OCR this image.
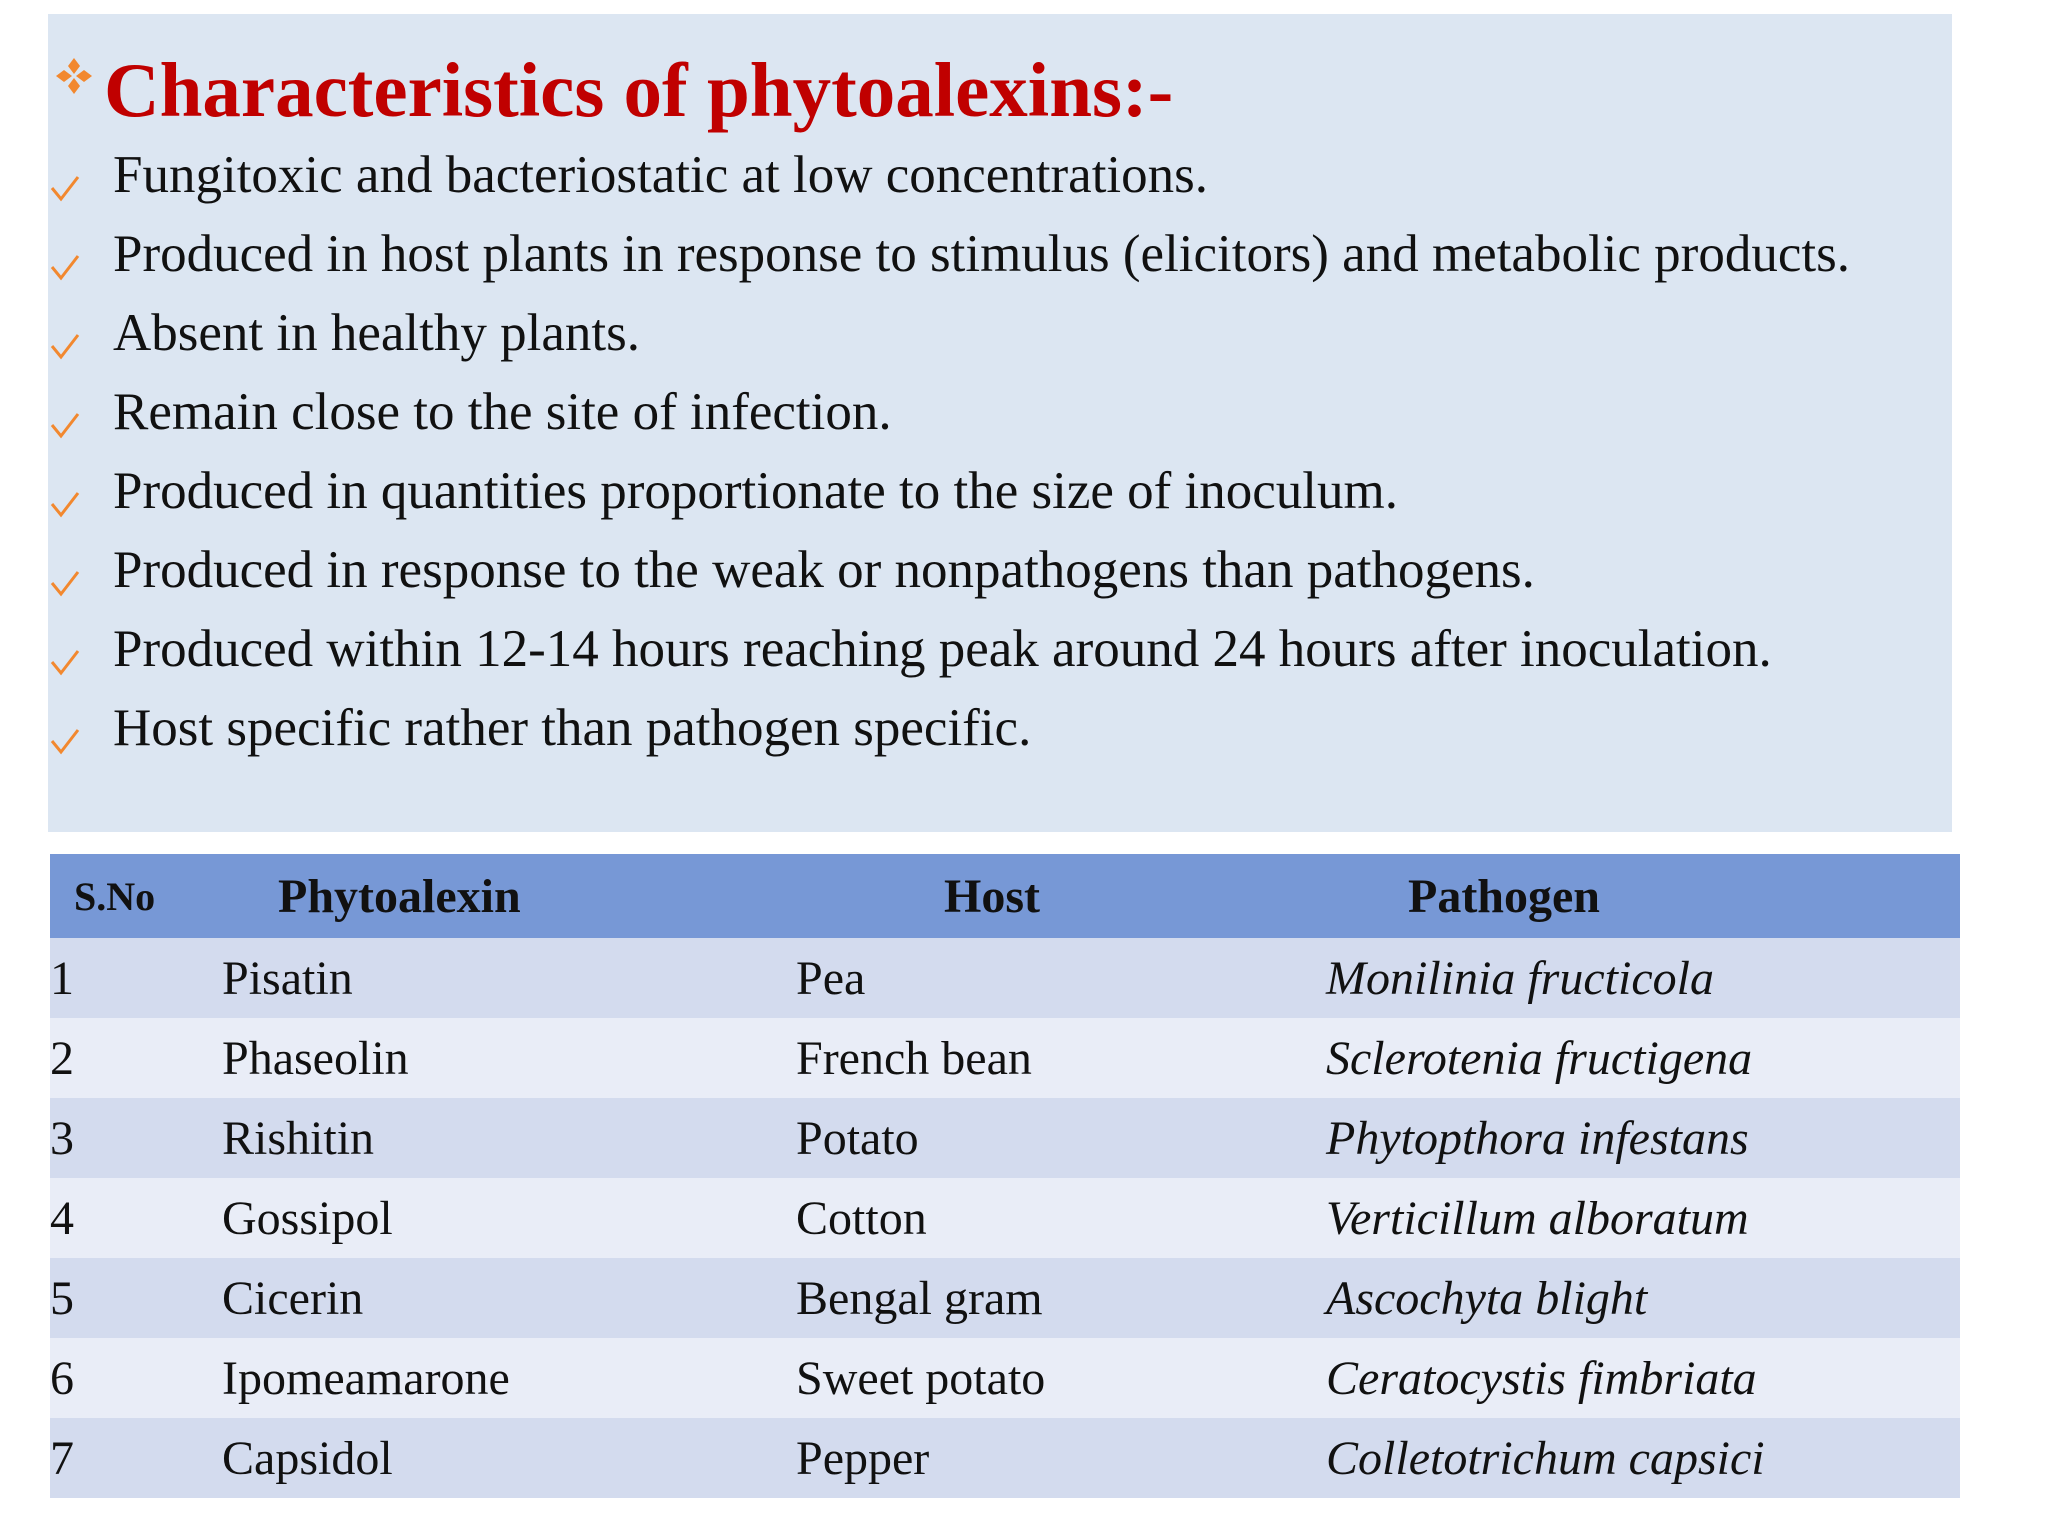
Characteristics of phytoalexins:-
Fungitoxic and bacteriostatic at low concentrations.
Produced in host plants in response to stimulus (elicitors) and metabolic products.
Absent in healthy plants.
Remain close to the site of infection.
Produced in quantities proportionate to the size of inoculum.
Produced in response to the weak or nonpathogens than pathogens.
Produced within 12-14 hours reaching peak around 24 hours after inoculation.
Host specific rather than pathogen specific.
S.No	Phytoalexin	Host	Pathogen
1	Pisatin	Pea	Monilinia fructicola
2	Phaseolin	French bean	Sclerotenia fructigena
3	Rishitin	Potato	Phytopthora infestans
4	Gossipol	Cotton	Verticillum alboratum
5	Cicerin	Bengal gram	Ascochyta blight
6	Ipomeamarone	Sweet potato	Ceratocystis fimbriata
7	Capsidol	Pepper	Colletotrichum capsici
